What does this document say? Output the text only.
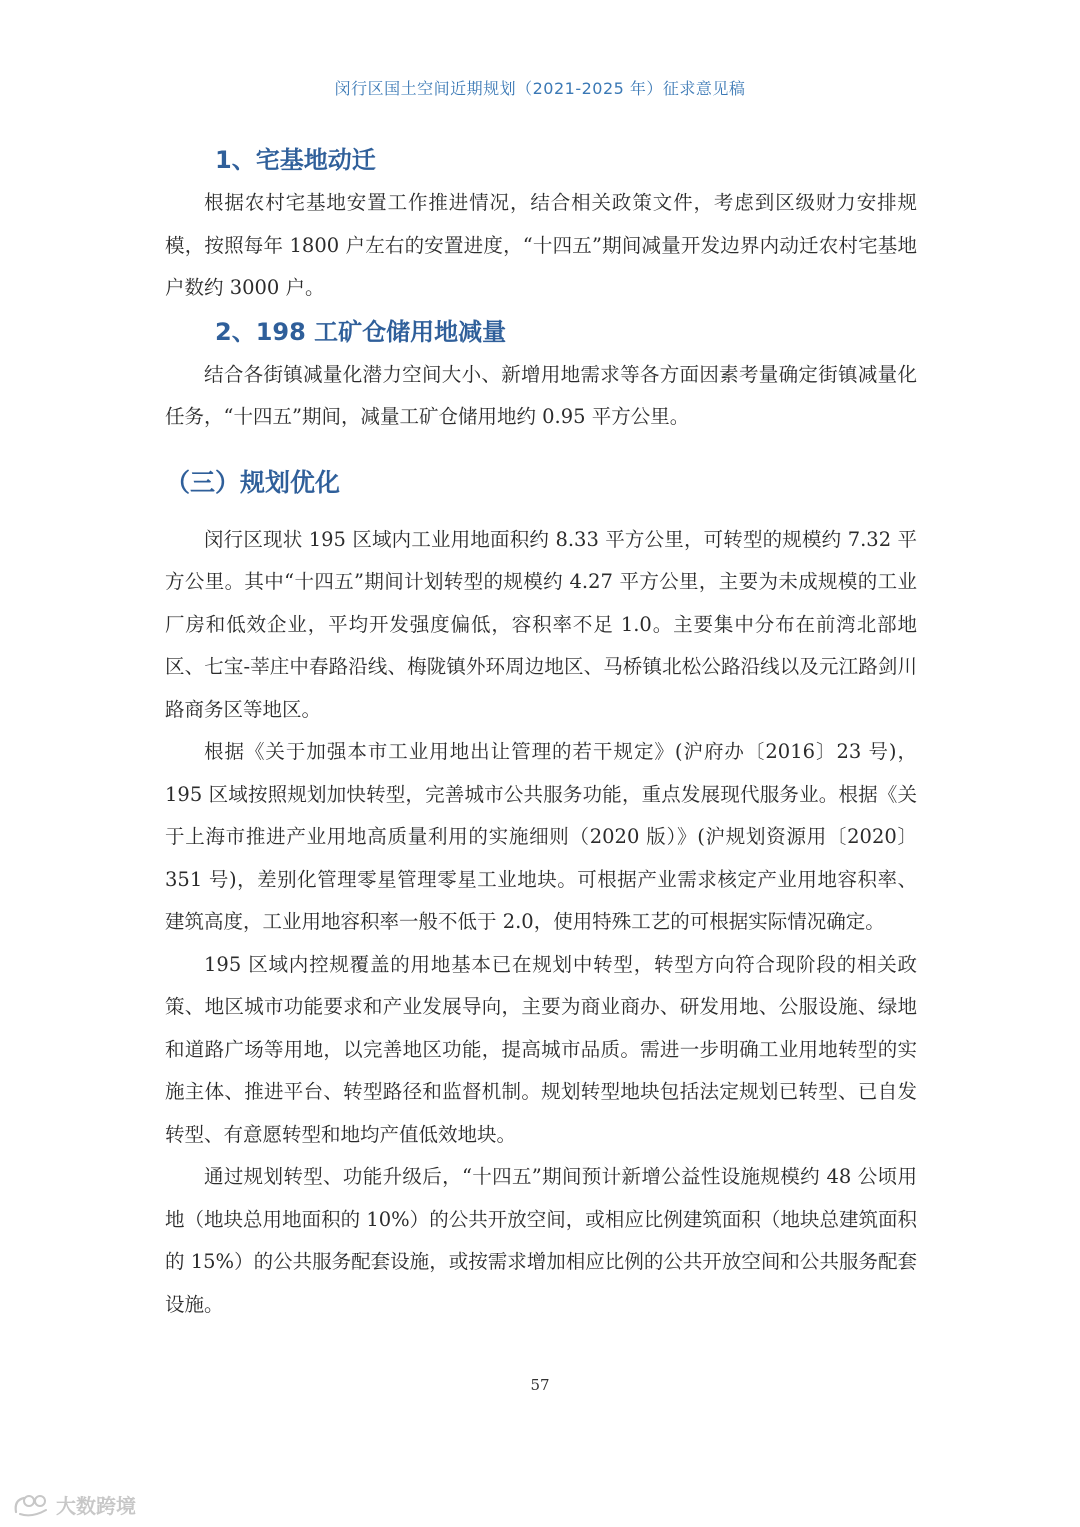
闵行区国土空间近期规划（2021-2025 年）征求意见稿
1、宅基地动迁

根据农村宅基地安置工作推进情况，结合相关政策文件，考虑到区级财力安排规模，按照每年 1800 户左右的安置进度，“十四五”期间减量开发边界内动迁农村宅基地户数约 3000 户。

2、198 工矿仓储用地减量

结合各街镇减量化潜力空间大小、新增用地需求等各方面因素考量确定街镇减量化任务，“十四五”期间，减量工矿仓储用地约 0.95 平方公里。

（三）规划优化

闵行区现状 195 区域内工业用地面积约 8.33 平方公里，可转型的规模约 7.32 平方公里。其中“十四五”期间计划转型的规模约 4.27 平方公里，主要为未成规模的工业厂房和低效企业，平均开发强度偏低，容积率不足 1.0。主要集中分布在前湾北部地区、七宝-莘庄中春路沿线、梅陇镇外环周边地区、马桥镇北松公路沿线以及元江路剑川路商务区等地区。

根据《关于加强本市工业用地出让管理的若干规定》(沪府办〔2016〕23 号)，195 区域按照规划加快转型，完善城市公共服务功能，重点发展现代服务业。根据《关于上海市推进产业用地高质量利用的实施细则（2020 版）》(沪规划资源用〔2020〕351 号)，差别化管理零星管理零星工业地块。可根据产业需求核定产业用地容积率、建筑高度，工业用地容积率一般不低于 2.0，使用特殊工艺的可根据实际情况确定。

195 区域内控规覆盖的用地基本已在规划中转型，转型方向符合现阶段的相关政策、地区城市功能要求和产业发展导向，主要为商业商办、研发用地、公服设施、绿地和道路广场等用地，以完善地区功能，提高城市品质。需进一步明确工业用地转型的实施主体、推进平台、转型路径和监督机制。规划转型地块包括法定规划已转型、已自发转型、有意愿转型和地均产值低效地块。

通过规划转型、功能升级后，“十四五”期间预计新增公益性设施规模约 48 公顷用地（地块总用地面积的 10%）的公共开放空间，或相应比例建筑面积（地块总建筑面积的 15%）的公共服务配套设施，或按需求增加相应比例的公共开放空间和公共服务配套设施。

57
大数跨境
